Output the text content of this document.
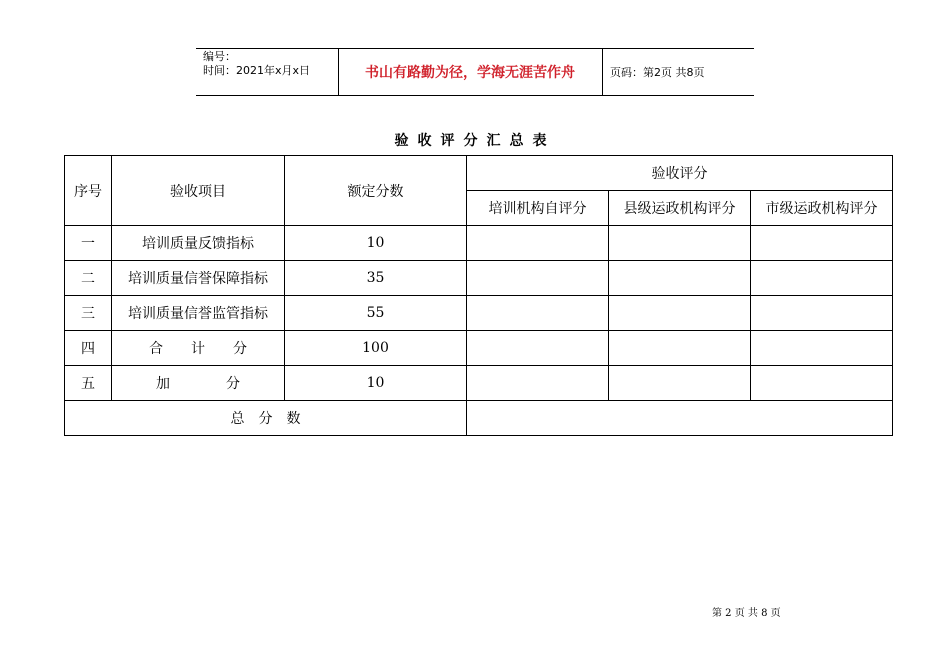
编号：
时间：2021年x月x日	书山有路勤为径，学海无涯苦作舟	页码：第2页 共8页
验收评分汇总表
序号	验收项目	额定分数	验收评分		
			培训机构自评分	县级运政机构评分	市级运政机构评分
一	培训质量反馈指标	10			
二	培训质量信誉保障指标	35			
三	培训质量信誉监管指标	55			
四	合　　计　　分	100			
五	加　　　　分	10			
总　分　数					
第 2 页 共 8 页
